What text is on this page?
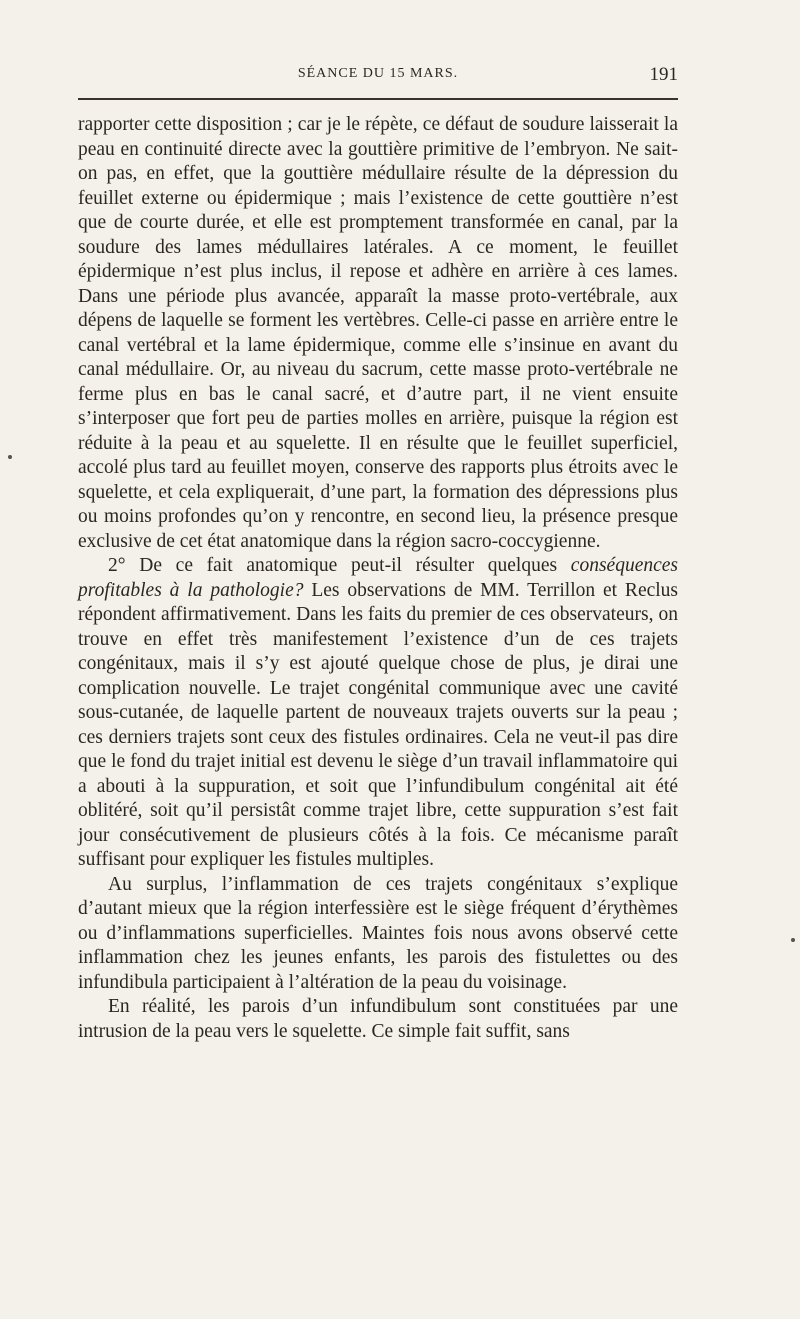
SÉANCE DU 15 MARS.	191

rapporter cette disposition ; car je le répète, ce défaut de soudure laisserait la peau en continuité directe avec la gouttière primitive de l’embryon. Ne sait-on pas, en effet, que la gouttière médullaire résulte de la dépression du feuillet externe ou épidermique ; mais l’existence de cette gouttière n’est que de courte durée, et elle est promptement transformée en canal, par la soudure des lames médullaires latérales. A ce moment, le feuillet épidermique n’est plus inclus, il repose et adhère en arrière à ces lames. Dans une période plus avancée, apparaît la masse proto-vertébrale, aux dépens de laquelle se forment les vertèbres. Celle-ci passe en arrière entre le canal vertébral et la lame épidermique, comme elle s’insinue en avant du canal médullaire. Or, au niveau du sacrum, cette masse proto-vertébrale ne ferme plus en bas le canal sacré, et d’autre part, il ne vient ensuite s’interposer que fort peu de parties molles en arrière, puisque la région est réduite à la peau et au squelette. Il en résulte que le feuillet superficiel, accolé plus tard au feuillet moyen, conserve des rapports plus étroits avec le squelette, et cela expliquerait, d’une part, la formation des dépressions plus ou moins profondes qu’on y rencontre, en second lieu, la présence presque exclusive de cet état anatomique dans la région sacro-coccygienne.

2° De ce fait anatomique peut-il résulter quelques conséquences profitables à la pathologie? Les observations de MM. Terrillon et Reclus répondent affirmativement. Dans les faits du premier de ces observateurs, on trouve en effet très manifestement l’existence d’un de ces trajets congénitaux, mais il s’y est ajouté quelque chose de plus, je dirai une complication nouvelle. Le trajet congénital communique avec une cavité sous-cutanée, de laquelle partent de nouveaux trajets ouverts sur la peau ; ces derniers trajets sont ceux des fistules ordinaires. Cela ne veut-il pas dire que le fond du trajet initial est devenu le siège d’un travail inflammatoire qui a abouti à la suppuration, et soit que l’infundibulum congénital ait été oblitéré, soit qu’il persistât comme trajet libre, cette suppuration s’est fait jour consécutivement de plusieurs côtés à la fois. Ce mécanisme paraît suffisant pour expliquer les fistules multiples.

Au surplus, l’inflammation de ces trajets congénitaux s’explique d’autant mieux que la région interfessière est le siège fréquent d’érythèmes ou d’inflammations superficielles. Maintes fois nous avons observé cette inflammation chez les jeunes enfants, les parois des fistulettes ou des infundibula participaient à l’altération de la peau du voisinage.

En réalité, les parois d’un infundibulum sont constituées par une intrusion de la peau vers le squelette. Ce simple fait suffit, sans
